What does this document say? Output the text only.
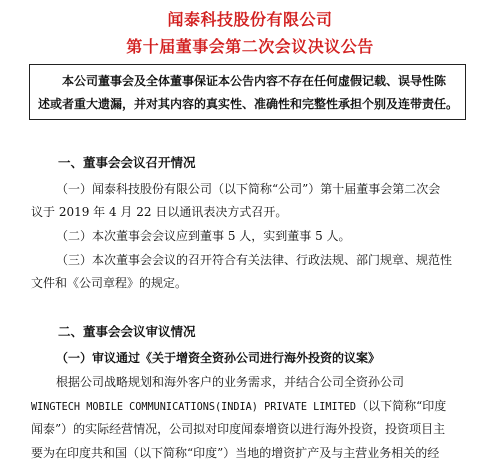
闻泰科技股份有限公司
第十届董事会第二次会议决议公告
本公司董事会及全体董事保证本公告内容不存在任何虚假记载、误导性陈
述或者重大遗漏，并对其内容的真实性、准确性和完整性承担个别及连带责任。
一、董事会会议召开情况
（一）闻泰科技股份有限公司（以下简称“公司”）第十届董事会第二次会
议于 2019 年 4 月 22 日以通讯表决方式召开。
（二）本次董事会会议应到董事 5 人，实到董事 5 人。
（三）本次董事会会议的召开符合有关法律、行政法规、部门规章、规范性
文件和《公司章程》的规定。
二、董事会会议审议情况
（一）审议通过《关于增资全资孙公司进行海外投资的议案》
根据公司战略规划和海外客户的业务需求，并结合公司全资孙公司
WINGTECH MOBILE COMMUNICATIONS(INDIA) PRIVATE LIMITED（以下简称“印度
闻泰”）的实际经营情况，公司拟对印度闻泰增资以进行海外投资，投资项目主
要为在印度共和国（以下简称“印度”）当地的增资扩产及与主营业务相关的经
